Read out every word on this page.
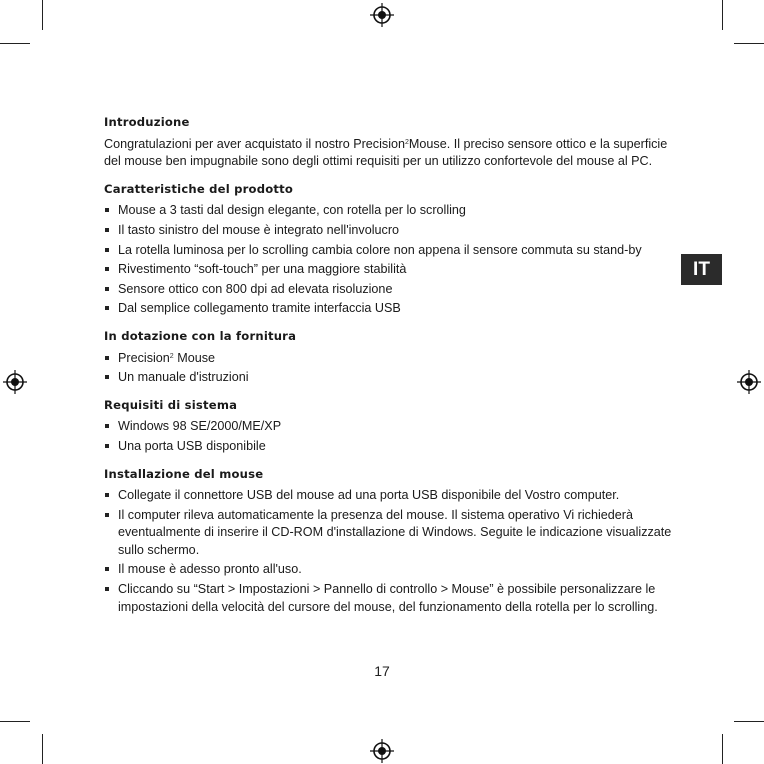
IT
Introduzione

Congratulazioni per aver acquistato il nostro Precision$^2$Mouse. Il preciso sensore ottico e la superficie del mouse ben impugnabile sono degli ottimi requisiti per un utilizzo confortevole del mouse al PC.

Caratteristiche del prodotto
Mouse a 3 tasti dal design elegante, con rotella per lo scrolling
Il tasto sinistro del mouse è integrato nell'involucro
La rotella luminosa per lo scrolling cambia colore non appena il sensore commuta su stand-by
Rivestimento “soft-touch” per una maggiore stabilità
Sensore ottico con 800 dpi ad elevata risoluzione
Dal semplice collegamento tramite interfaccia USB
In dotazione con la fornitura
Precision$^2$ Mouse
Un manuale d'istruzioni
Requisiti di sistema
Windows 98 SE/2000/ME/XP
Una porta USB disponibile
Installazione del mouse
Collegate il connettore USB del mouse ad una porta USB disponibile del Vostro computer.
Il computer rileva automaticamente la presenza del mouse. Il sistema operativo Vi richiederà eventualmente di inserire il CD-ROM d'installazione di Windows. Seguite le indicazione visualizzate sullo schermo.
Il mouse è adesso pronto all'uso.
Cliccando su “Start > Impostazioni > Pannello di controllo > Mouse” è possibile personalizzare le impostazioni della velocità del cursore del mouse, del funzionamento della rotella per lo scrolling.
17
